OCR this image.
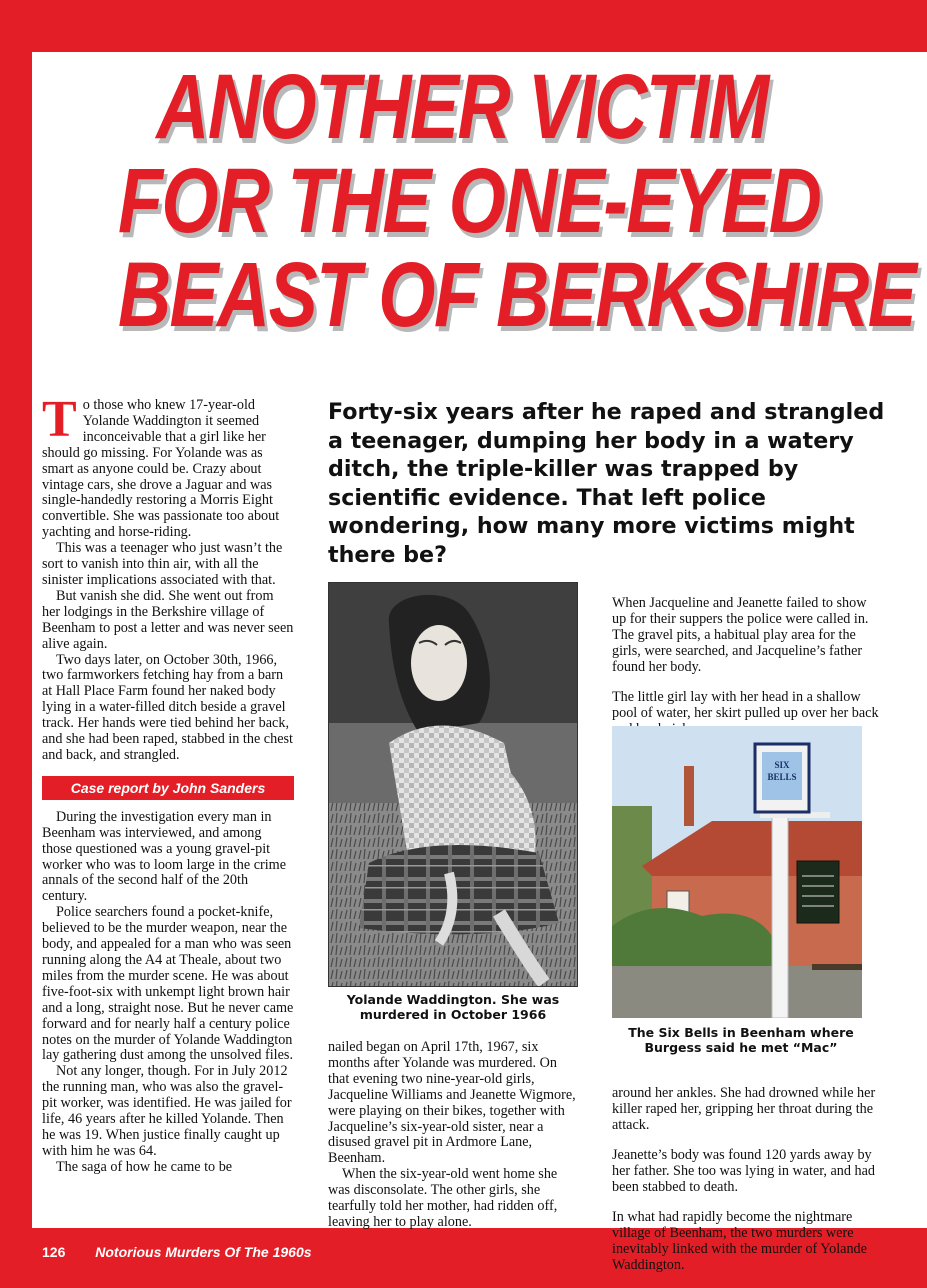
ANOTHER VICTIM
FOR THE ONE-EYED
BEAST OF BERKSHIRE

To those who knew 17-year-old Yolande Waddington it seemed inconceivable that a girl like her should go missing. For Yolande was as smart as anyone could be. Crazy about vintage cars, she drove a Jaguar and was single-handedly restoring a Morris Eight convertible. She was passionate too about yachting and horse-riding.

This was a teenager who just wasn’t the sort to vanish into thin air, with all the sinister implications associated with that.

But vanish she did. She went out from her lodgings in the Berkshire village of Beenham to post a letter and was never seen alive again.

Two days later, on October 30th, 1966, two farmworkers fetching hay from a barn at Hall Place Farm found her naked body lying in a water-filled ditch beside a gravel track. Her hands were tied behind her back, and she had been raped, stabbed in the chest and back, and strangled.

Case report by John Sanders

During the investigation every man in Beenham was interviewed, and among those questioned was a young gravel-pit worker who was to loom large in the crime annals of the second half of the 20th century.

Police searchers found a pocket-knife, believed to be the murder weapon, near the body, and appealed for a man who was seen running along the A4 at Theale, about two miles from the murder scene. He was about five-foot-six with unkempt light brown hair and a long, straight nose. But he never came forward and for nearly half a century police notes on the murder of Yolande Waddington lay gathering dust among the unsolved files.

Not any longer, though. For in July 2012 the running man, who was also the gravel-pit worker, was identified. He was jailed for life, 46 years after he killed Yolande. Then he was 19. When justice finally caught up with him he was 64.

The saga of how he came to be

Forty-six years after he raped and strangled a teenager, dumping her body in a watery ditch, the triple-killer was trapped by scientific evidence. That left police wondering, how many more victims might there be?

Yolande Waddington. She was murdered in October 1966

nailed began on April 17th, 1967, six months after Yolande was murdered. On that evening two nine-year-old girls, Jacqueline Williams and Jeanette Wigmore, were playing on their bikes, together with Jacqueline’s six-year-old sister, near a disused gravel pit in Ardmore Lane, Beenham.

When the six-year-old went home she was disconsolate. The other girls, she tearfully told her mother, had ridden off, leaving her to play alone.

When Jacqueline and Jeanette failed to show up for their suppers the police were called in. The gravel pits, a habitual play area for the girls, were searched, and Jacqueline’s father found her body.

The little girl lay with her head in a shallow pool of water, her skirt pulled up over her back

SIX
BELLS
The Six Bells in Beenham where Burgess said he met “Mac”

around her ankles. She had drowned while her killer raped her, gripping her throat during the attack.

Jeanette’s body was found 120 yards away by her father. She too was lying in water, and had been stabbed to death.

In what had rapidly become the nightmare village of Beenham, the two murders were inevitably linked with the murder of Yolande Waddington.

126 Notorious Murders Of The 1960s
